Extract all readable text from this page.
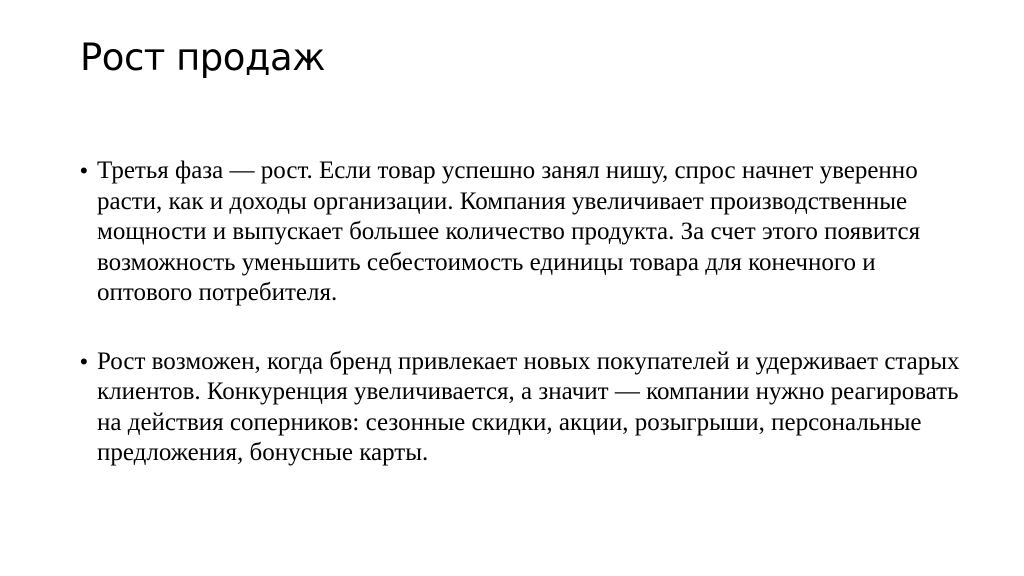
Рост продаж
• Третья фаза — рост. Если товар успешно занял нишу, спрос начнет уверенно расти, как и доходы организации. Компания увеличивает производственные мощности и выпускает большее количество продукта. За счет этого появится возможность уменьшить себестоимость единицы товара для конечного и оптового потребителя.
• Рост возможен, когда бренд привлекает новых покупателей и удерживает старых клиентов. Конкуренция увеличивается, а значит — компании нужно реагировать на действия соперников: сезонные скидки, акции, розыгрыши, персональные предложения, бонусные карты.
